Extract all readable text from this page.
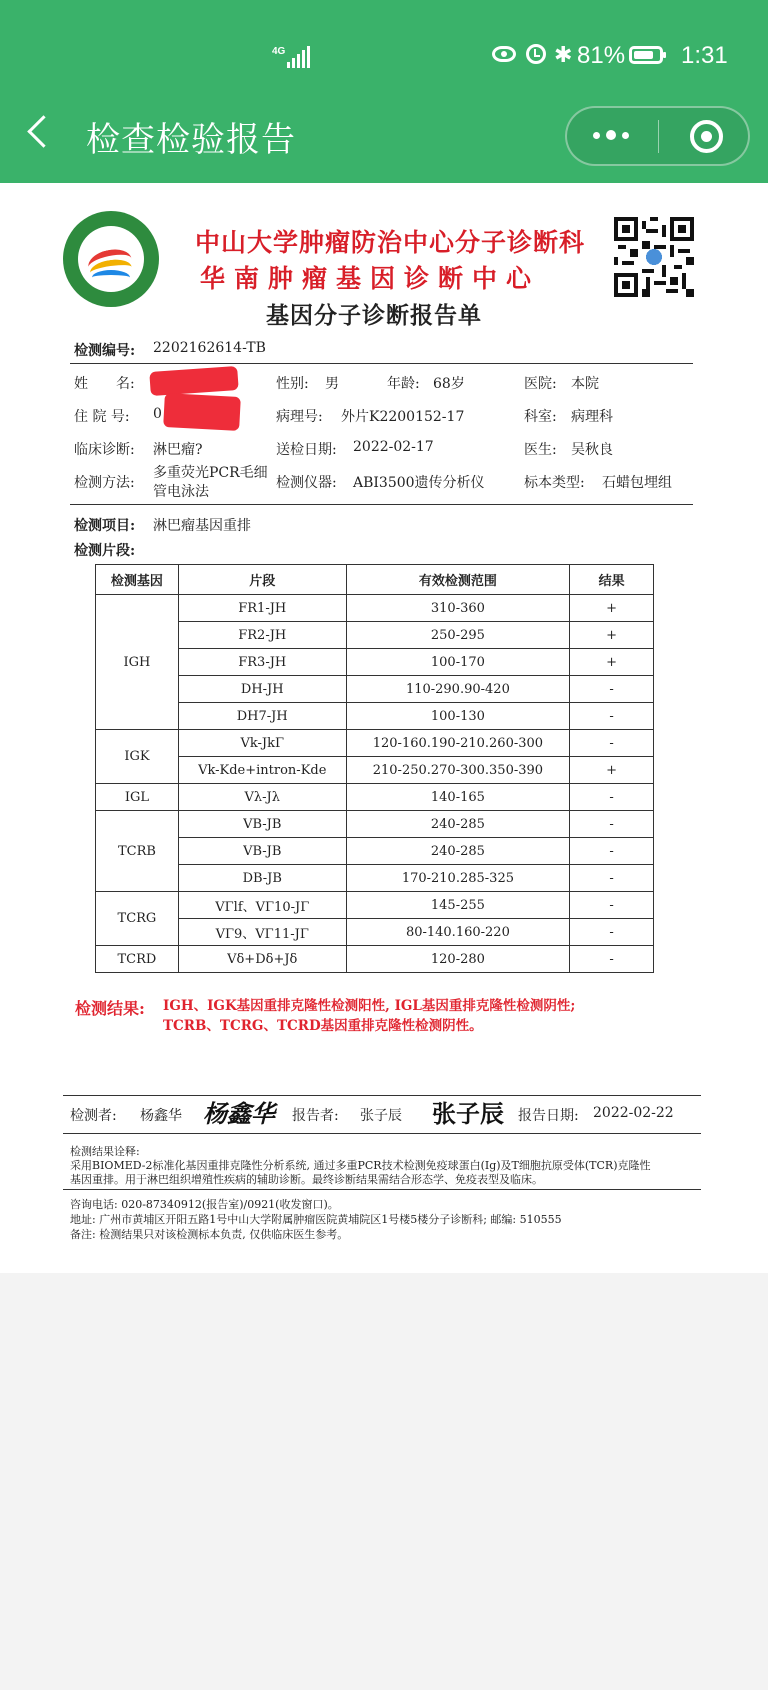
4G	✱ 81% 1:31
检查检验报告
中山大学肿瘤防治中心分子诊断科
华南肿瘤基因诊断中心
基因分子诊断报告单
检测编号: 2202162614-TB
姓　　名:	性别: 男	年龄: 68岁	医院: 本院
住 院 号: 0	病理号: 外片K2200152-17	科室: 病理科
临床诊断: 淋巴瘤?	送检日期: 2022-02-17	医生: 吴秋良
检测方法:
多重荧光PCR毛细
管电泳法
检测仪器: ABI3500遗传分析仪	标本类型: 石蜡包埋组
检测项目: 淋巴瘤基因重排
检测片段:
检测基因	片段	有效检测范围	结果
IGH	FR1-JH	310-360	+
	FR2-JH	250-295	+
	FR3-JH	100-170	+
	DH-JH	110-290.90-420	-
	DH7-JH	100-130	-
IGK	Vk-JkΓ	120-160.190-210.260-300	-
	Vk-Kde+intron-Kde	210-250.270-300.350-390	+
IGL	Vλ-Jλ	140-165	-
TCRB	VB-JB	240-285	-
	VB-JB	240-285	-
	DB-JB	170-210.285-325	-
TCRG	VΓlf、VΓ10-JΓ	145-255	-
	VΓ9、VΓ11-JΓ	80-140.160-220	-
TCRD	Vδ+Dδ+Jδ	120-280	-
检测结果: IGH、IGK基因重排克隆性检测阳性, IGL基因重排克隆性检测阴性;
TCRB、TCRG、TCRD基因重排克隆性检测阴性。
检测者: 杨鑫华 杨鑫华 报告者: 张子辰 张子辰 报告日期: 2022-02-22
检测结果诠释:
采用BIOMED-2标准化基因重排克隆性分析系统, 通过多重PCR技术检测免疫球蛋白(Ig)及T细胞抗原受体(TCR)克隆性
基因重排。用于淋巴组织增殖性疾病的辅助诊断。最终诊断结果需结合形态学、免疫表型及临床。
咨询电话: 020-87340912(报告室)/0921(收发窗口)。
地址: 广州市黄埔区开阳五路1号中山大学附属肿瘤医院黄埔院区1号楼5楼分子诊断科; 邮编: 510555
备注: 检测结果只对该检测标本负责, 仅供临床医生参考。
